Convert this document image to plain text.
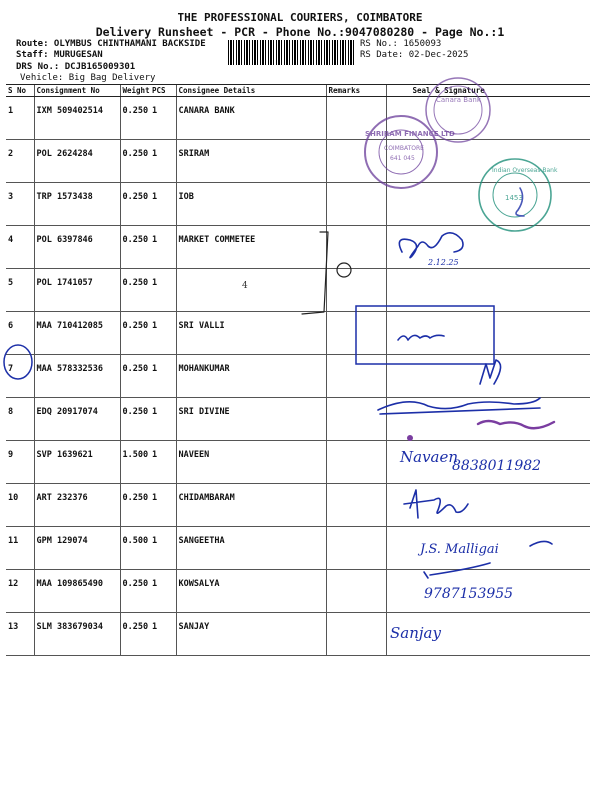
THE PROFESSIONAL COURIERS, COIMBATORE
Delivery Runsheet - PCR - Phone No.:9047080280 - Page No.:1
Route: OLYMBUS CHINTHAMANI BACKSIDE
Staff: MURUGESAN
DRS No.: DCJB165009301
Vehicle: Big Bag Delivery
RS No.: 1650093
RS Date: 02-Dec-2025
S No	Consignment No	Weight	PCS	Consignee Details	Remarks	Seal & Signature
1	IXM 509402514	0.250	1	CANARA BANK		
2	POL 2624284	0.250	1	SRIRAM		
3	TRP 1573438	0.250	1	IOB		
4	POL 6397846	0.250	1	MARKET COMMETEE		
5	POL 1741057	0.250	1			
6	MAA 710412085	0.250	1	SRI VALLI		
7	MAA 578332536	0.250	1	MOHANKUMAR		
8	EDQ 20917074	0.250	1	SRI DIVINE		
9	SVP 1639621	1.500	1	NAVEEN		
10	ART 232376	0.250	1	CHIDAMBARAM		
11	GPM 129074	0.500	1	SANGEETHA		
12	MAA 109865490	0.250	1	KOWSALYA		
13	SLM 383679034	0.250	1	SANJAY		
Canara Bank
SHRIRAM FINANCE LTD
COIMBATORE
641 045
Indian Overseas Bank
1453
2.12.25
4
Navaen
8838011982
J.S. Malligai
9787153955
Sanjay
